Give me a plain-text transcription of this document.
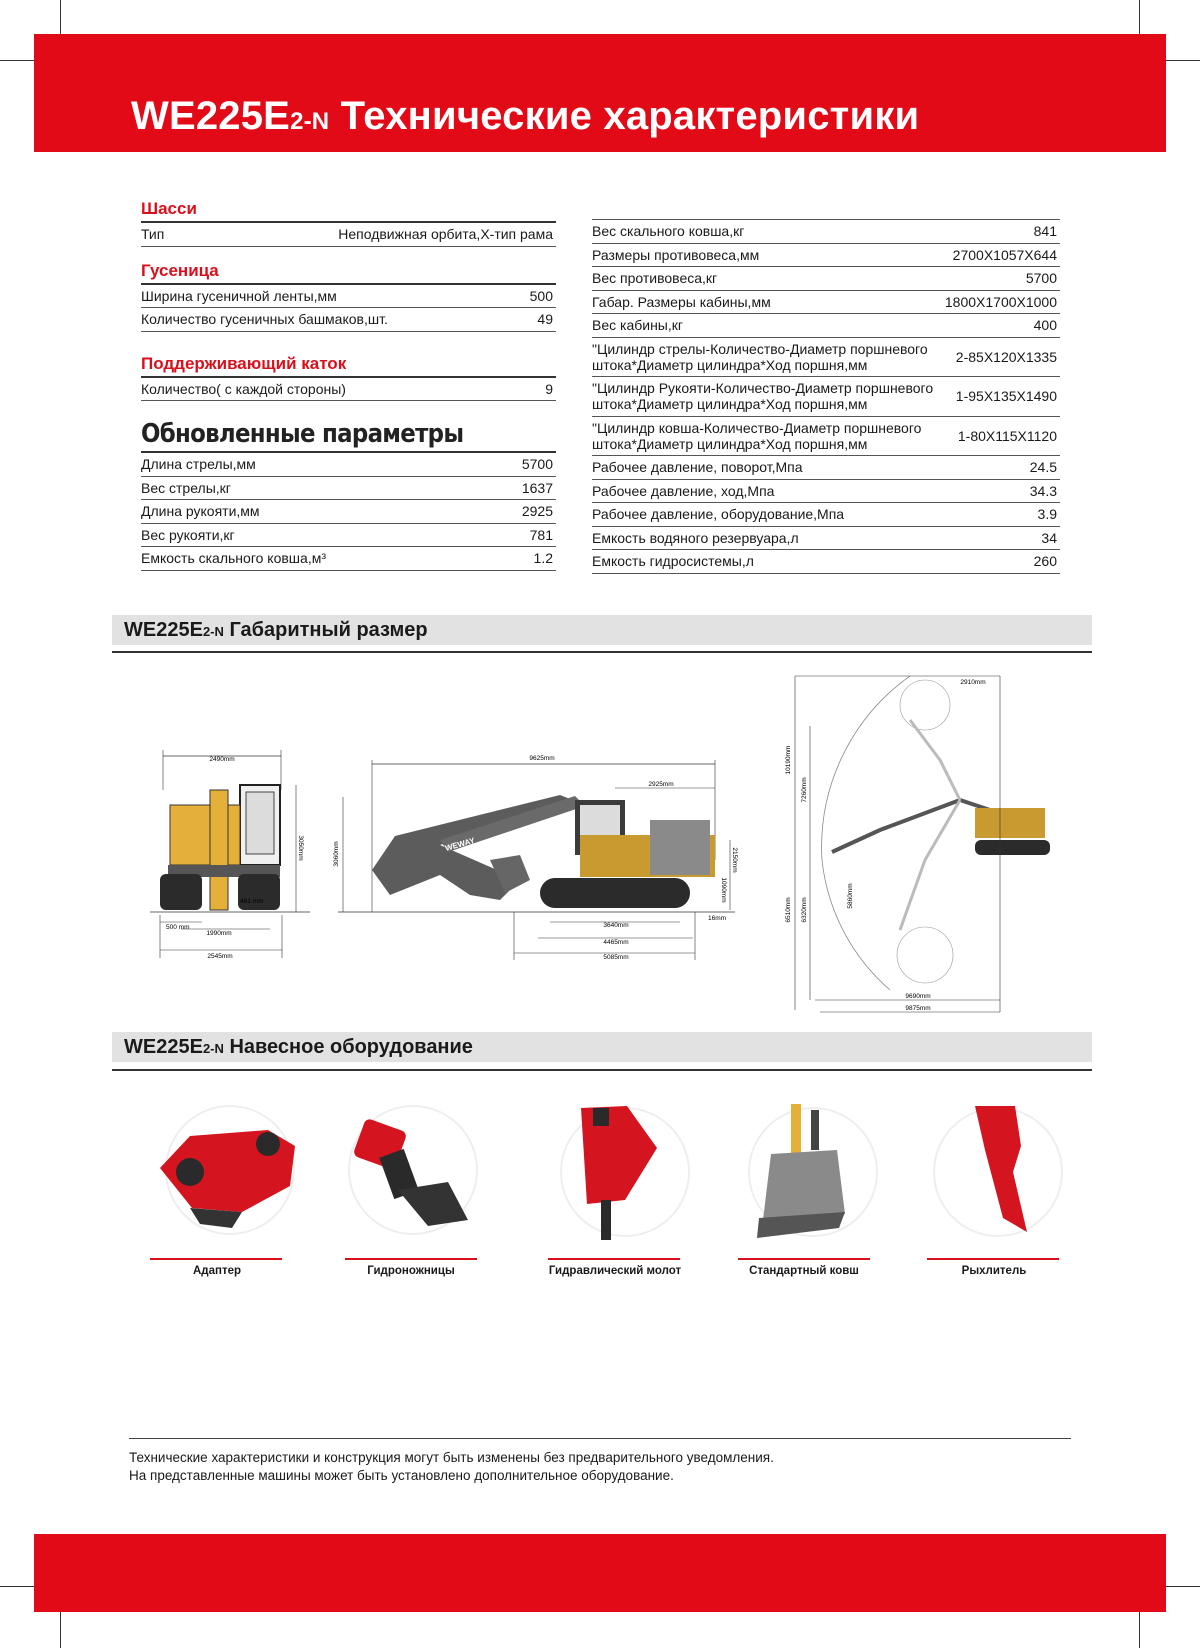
WE225E2-N Технические характеристики
Шасси
Тип	Неподвижная орбита,Х-тип рама
Гусеница
Ширина гусеничной ленты,мм	500
Количество гусеничных башмаков,шт.	49
Поддерживающий каток
Количество( с каждой стороны)	9
Обновленные параметры
Длина стрелы,мм	5700
Вес стрелы,кг	1637
Длина рукояти,мм	2925
Вес рукояти,кг	781
Емкость скального ковша,м³	1.2
Вес скального ковша,кг	841
Размеры противовеса,мм	2700X1057X644
Вес противовеса,кг	5700
Габар. Размеры кабины,мм	1800X1700X1000
Вес кабины,кг	400
"Цилиндр стрелы-Количество-Диаметр поршневого штока*Диаметр цилиндра*Ход поршня,мм	2-85X120X1335
"Цилиндр Рукояти-Количество-Диаметр поршневого штока*Диаметр цилиндра*Ход поршня,мм	1-95X135X1490
"Цилиндр ковша-Количество-Диаметр поршневого штока*Диаметр цилиндра*Ход поршня,мм	1-80X115X1120
Рабочее давление, поворот,Мпа	24.5
Рабочее давление, ход,Мпа	34.3
Рабочее давление, оборудование,Мпа	3.9
Емкость водяного резервуара,л	34
Емкость гидросистемы,л	260
WE225E2-N Габаритный размер
2490mm
3050mm
461 mm
500 mm
1990mm
2545mm
9625mm
2925mm
3060mm	WEWAY
2150mm
1090mm
16mm
3640mm
4465mm
5085mm
2910mm
10190mm
7260mm
6510mm 6320mm
5860mm
9690mm
9875mm
WE225E2-N Навесное оборудование
Адаптер	Гидроножницы	Гидравлический молот	Стандартный ковш	Рыхлитель
Технические характеристики и конструкция могут быть изменены без предварительного уведомления.
На представленные машины может быть установлено дополнительное оборудование.
